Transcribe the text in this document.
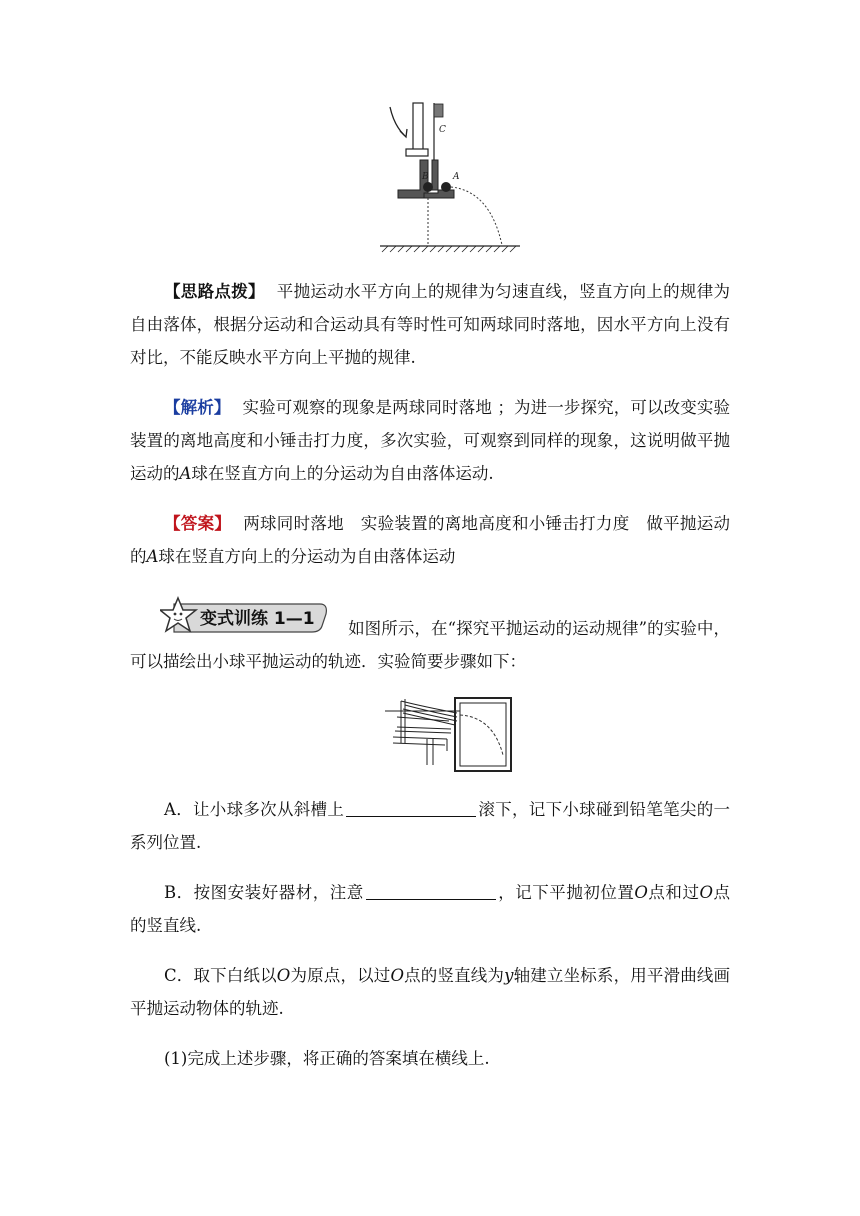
C
B	A
【思路点拨】 平抛运动水平方向上的规律为匀速直线，竖直方向上的规律为自由落体，根据分运动和合运动具有等时性可知两球同时落地，因水平方向上没有对比，不能反映水平方向上平抛的规律.
【解析】 实验可观察的现象是两球同时落地 ；为进一步探究，可以改变实验装置的离地高度和小锤击打力度，多次实验，可观察到同样的现象，这说明做平抛运动的A球在竖直方向上的分运动为自由落体运动.
【答案】 两球同时落地　实验装置的离地高度和小锤击打力度　做平抛运动的A球在竖直方向上的分运动为自由落体运动
变式训练 1—1	如图所示，在“探究平抛运动的运动规律”的实验中，可以描绘出小球平抛运动的轨迹．实验简要步骤如下：
A．让小球多次从斜槽上	滚下，记下小球碰到铅笔笔尖的一系列位置.
B．按图安装好器材，注意	，记下平抛初位置O点和过O点的竖直线.
C．取下白纸以O为原点，以过O点的竖直线为y轴建立坐标系，用平滑曲线画平抛运动物体的轨迹.
(1)完成上述步骤，将正确的答案填在横线上.
